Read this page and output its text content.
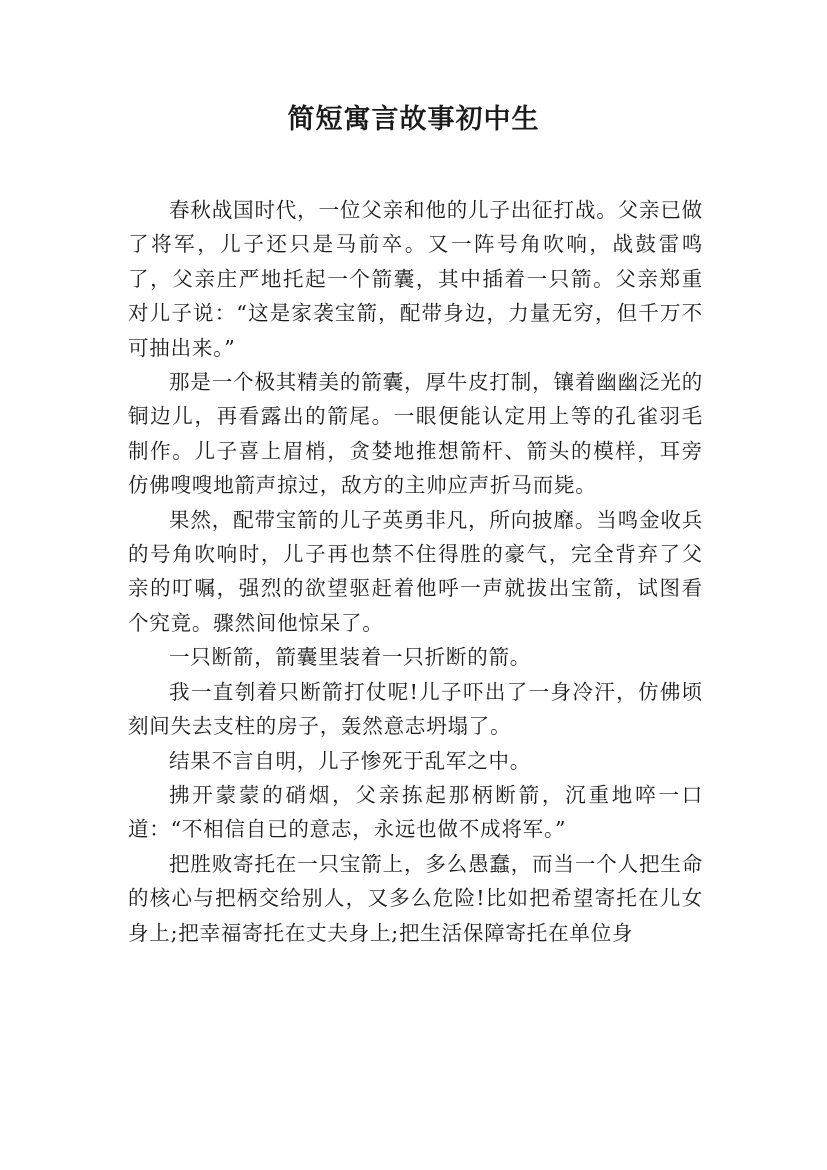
简短寓言故事初中生

春秋战国时代，一位父亲和他的儿子出征打战。父亲已做了将军，儿子还只是马前卒。又一阵号角吹响，战鼓雷鸣了，父亲庄严地托起一个箭囊，其中插着一只箭。父亲郑重对儿子说：“这是家袭宝箭，配带身边，力量无穷，但千万不可抽出来。”

那是一个极其精美的箭囊，厚牛皮打制，镶着幽幽泛光的铜边儿，再看露出的箭尾。一眼便能认定用上等的孔雀羽毛制作。儿子喜上眉梢，贪婪地推想箭杆、箭头的模样，耳旁仿佛嗖嗖地箭声掠过，敌方的主帅应声折马而毙。

果然，配带宝箭的儿子英勇非凡，所向披靡。当鸣金收兵的号角吹响时，儿子再也禁不住得胜的豪气，完全背弃了父亲的叮嘱，强烈的欲望驱赶着他呼一声就拔出宝箭，试图看个究竟。骤然间他惊呆了。

一只断箭，箭囊里装着一只折断的箭。

我一直刳着只断箭打仗呢!儿子吓出了一身冷汗，仿佛顷刻间失去支柱的房子，轰然意志坍塌了。

结果不言自明，儿子惨死于乱军之中。

拂开蒙蒙的硝烟，父亲拣起那柄断箭，沉重地啐一口道：“不相信自已的意志，永远也做不成将军。”

把胜败寄托在一只宝箭上，多么愚蠢，而当一个人把生命的核心与把柄交给别人，又多么危险!比如把希望寄托在儿女身上;把幸福寄托在丈夫身上;把生活保障寄托在单位身
